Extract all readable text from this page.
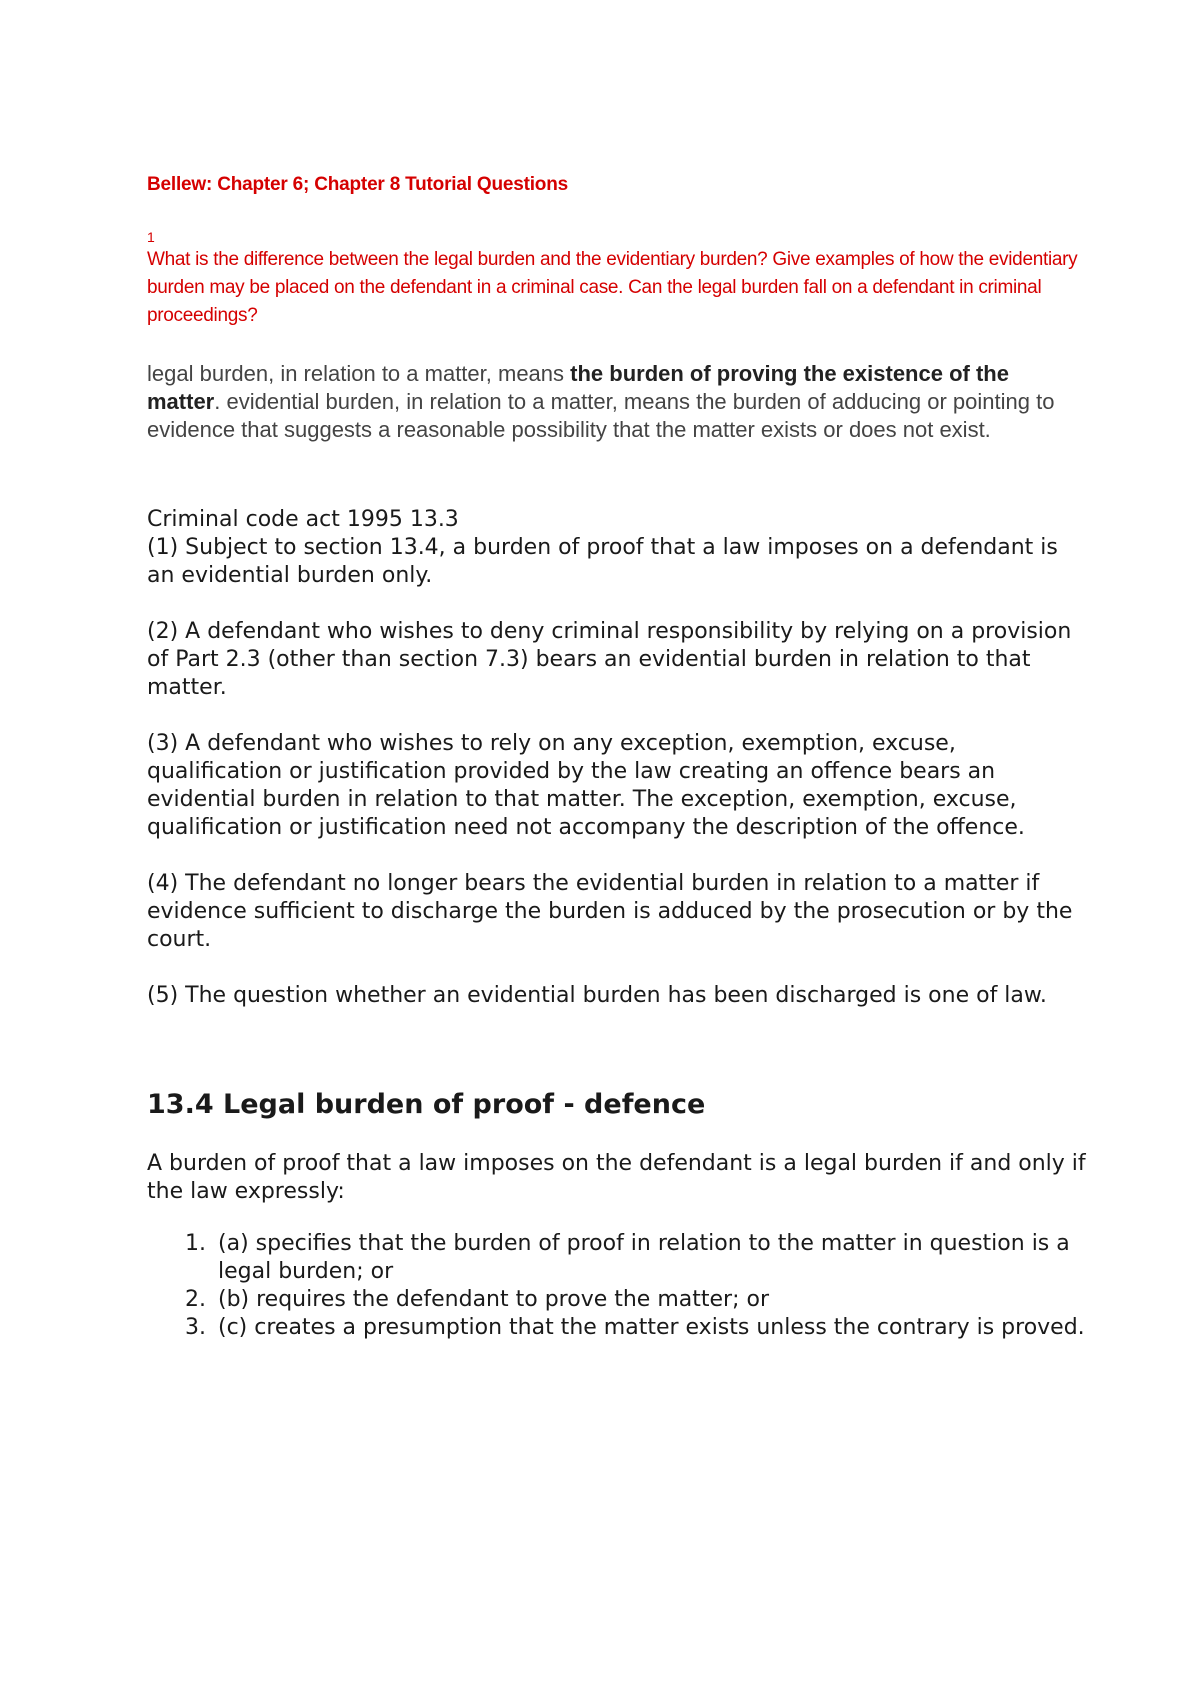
Bellew: Chapter 6; Chapter 8 Tutorial Questions
1

What is the difference between the legal burden and the evidentiary burden? Give examples of how the evidentiary burden may be placed on the defendant in a criminal case. Can the legal burden fall on a defendant in criminal proceedings?

legal burden, in relation to a matter, means the burden of proving the existence of the matter. evidential burden, in relation to a matter, means the burden of adducing or pointing to evidence that suggests a reasonable possibility that the matter exists or does not exist.

Criminal code act 1995 13.3

(1) Subject to section 13.4, a burden of proof that a law imposes on a defendant is an evidential burden only.

(2) A defendant who wishes to deny criminal responsibility by relying on a provision of Part 2.3 (other than section 7.3) bears an evidential burden in relation to that matter.

(3) A defendant who wishes to rely on any exception, exemption, excuse, qualification or justification provided by the law creating an offence bears an evidential burden in relation to that matter. The exception, exemption, excuse, qualification or justification need not accompany the description of the offence.

(4) The defendant no longer bears the evidential burden in relation to a matter if evidence sufficient to discharge the burden is adduced by the prosecution or by the court.

(5) The question whether an evidential burden has been discharged is one of law.

13.4 Legal burden of proof - defence

A burden of proof that a law imposes on the defendant is a legal burden if and only if the law expressly:

1. (a) specifies that the burden of proof in relation to the matter in question is a legal burden; or
2. (b) requires the defendant to prove the matter; or
3. (c) creates a presumption that the matter exists unless the contrary is proved.
